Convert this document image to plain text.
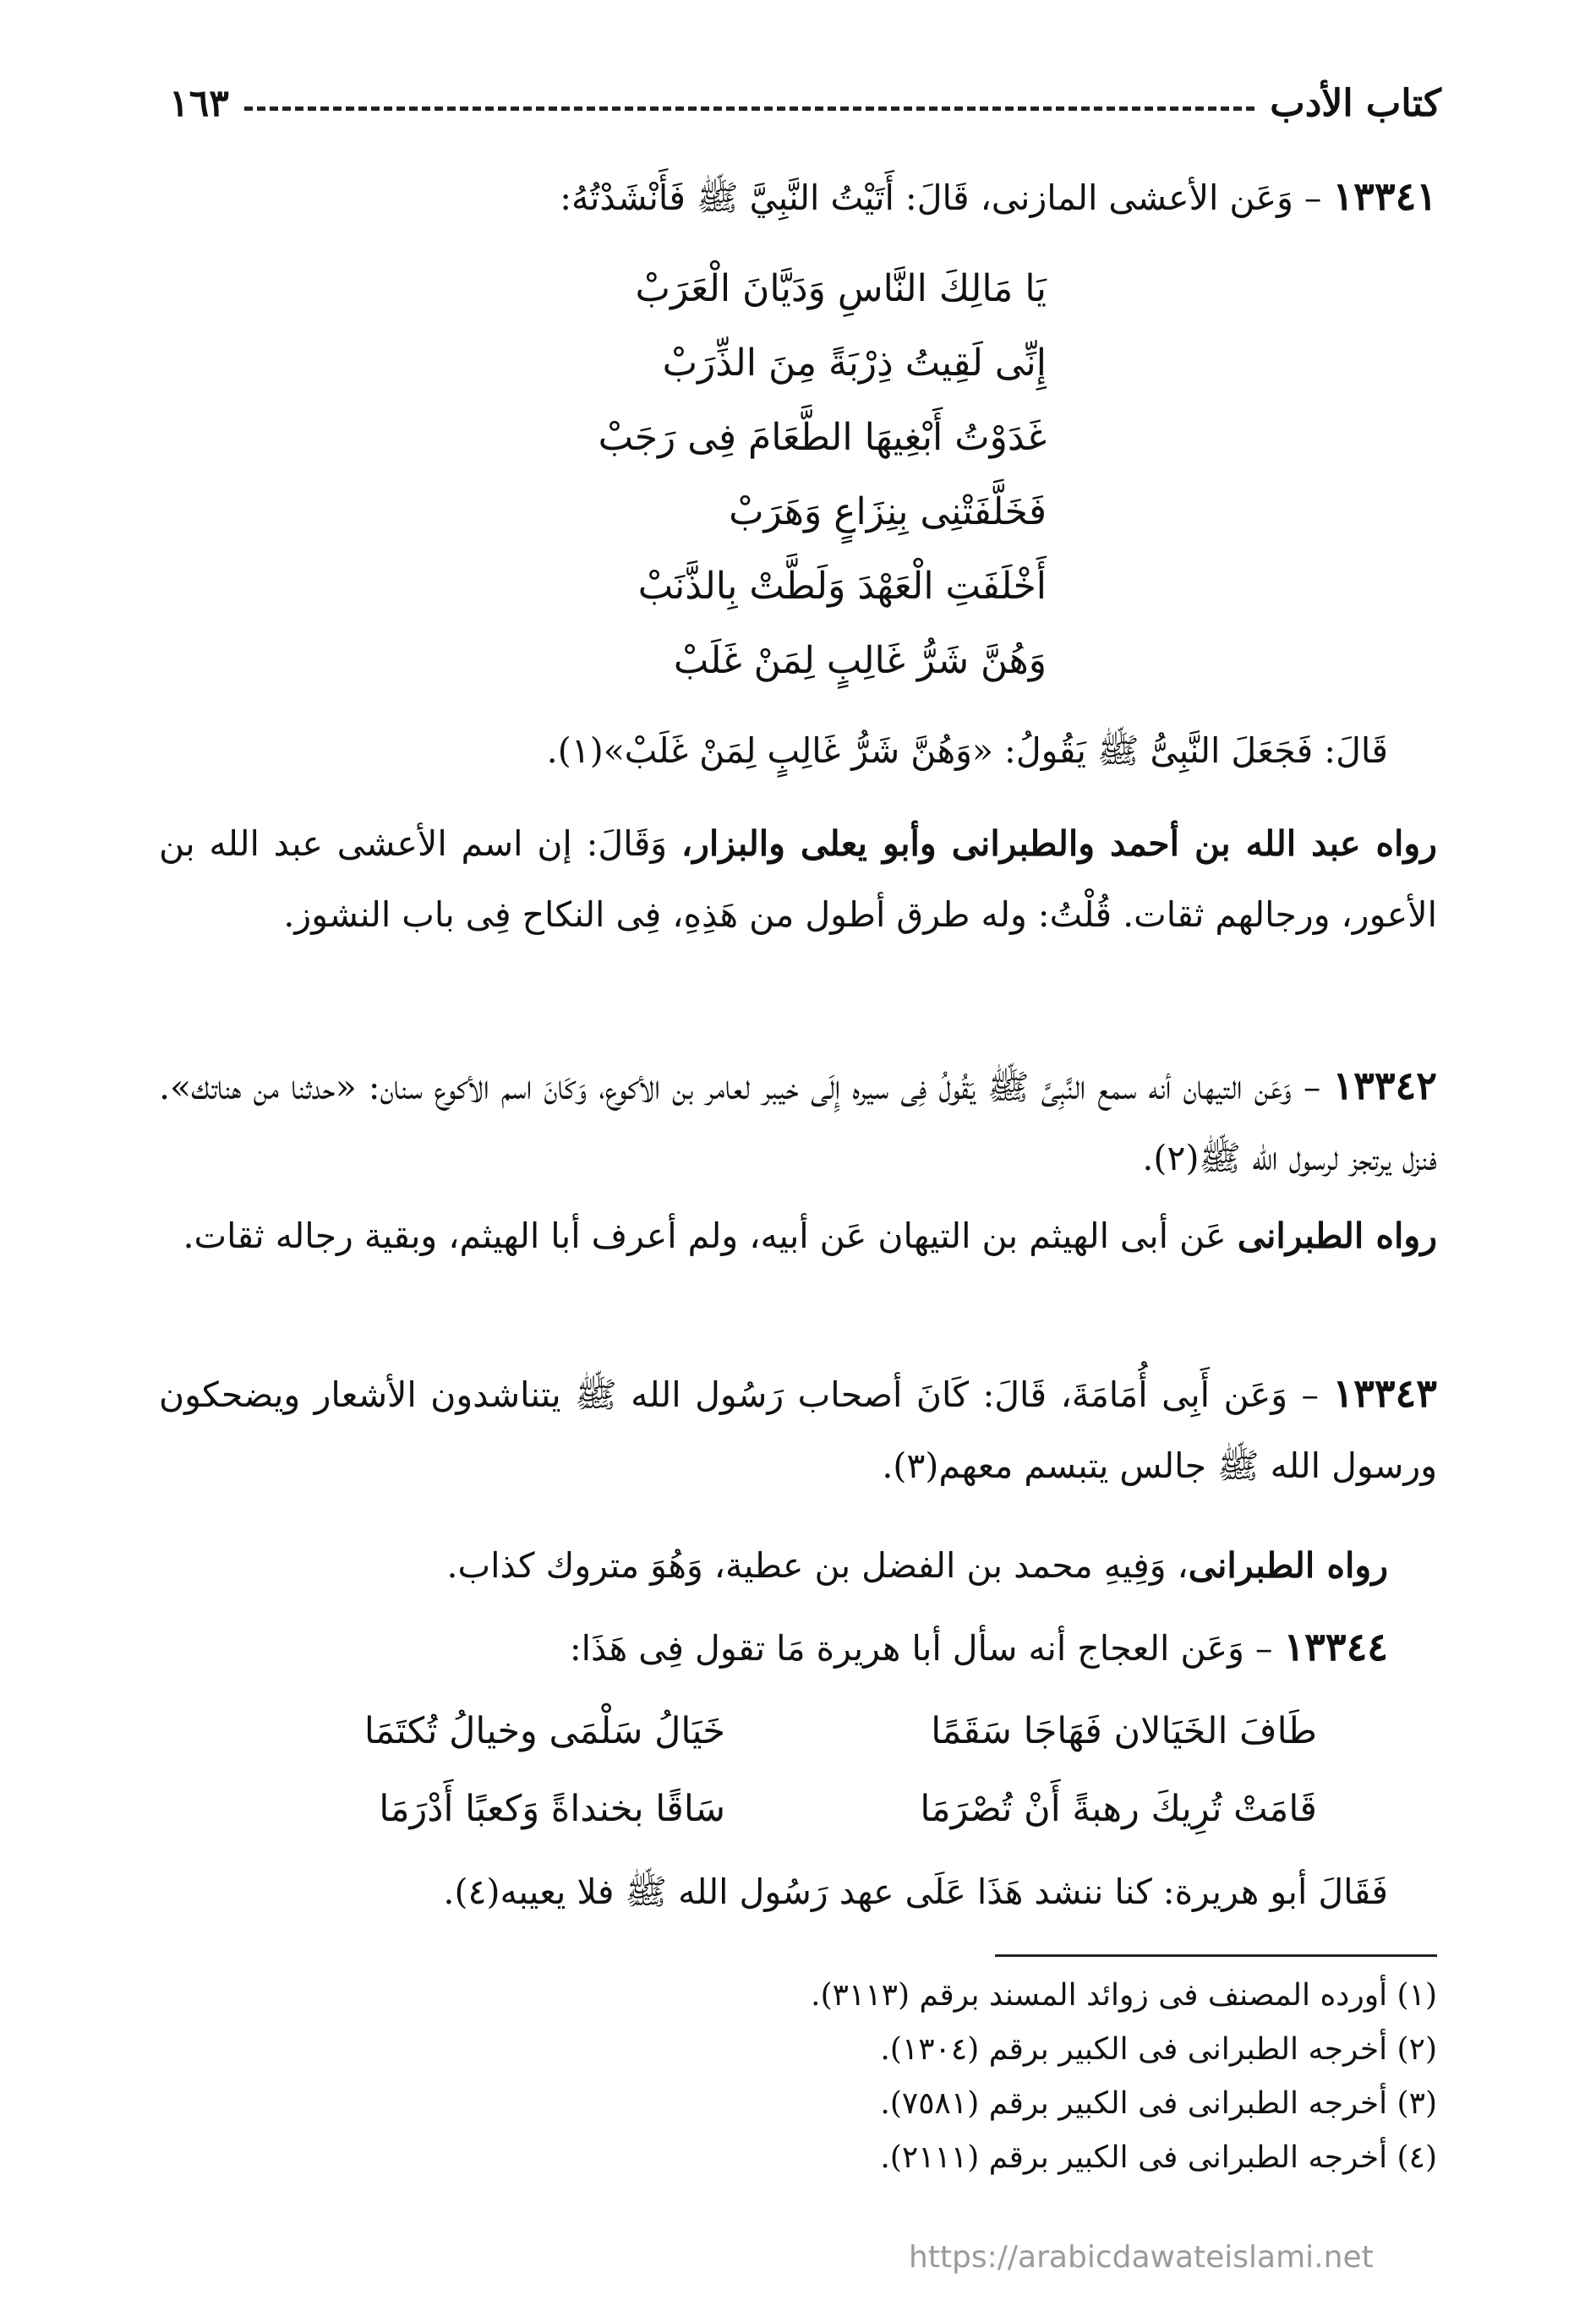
كتاب الأدب
١٦٣
١٣٣٤١ – وَعَن الأعشى المازنى، قَالَ: أَتَيْتُ النَّبِيَّ ﷺ فَأَنْشَدْتُهُ:
يَا مَالِكَ النَّاسِ وَدَيَّانَ الْعَرَبْ
إِنِّى لَقِيتُ ذِرْبَةً مِنَ الذِّرَبْ
غَدَوْتُ أَبْغِيهَا الطَّعَامَ فِى رَجَبْ
فَخَلَّفَتْنِى بِنِزَاعٍ وَهَرَبْ
أَخْلَفَتِ الْعَهْدَ وَلَطَّتْ بِالذَّنَبْ
وَهُنَّ شَرُّ غَالِبٍ لِمَنْ غَلَبْ
قَالَ: فَجَعَلَ النَّبِىُّ ﷺ يَقُولُ: «وَهُنَّ شَرُّ غَالِبٍ لِمَنْ غَلَبْ»(١).
رواه عبد الله بن أحمد والطبرانى وأبو يعلى والبزار، وَقَالَ: إن اسم الأعشى عبد الله بن الأعور، ورجالهم ثقات. قُلْتُ: وله طرق أطول من هَذِهِ، فِى النكاح فِى باب النشوز.
١٣٣٤٢ – وَعَن التيهان أنه سمع النَّبِىَّ ﷺ يَقُولُ فِى سيره إِلَى خيبر لعامر بن الأكوع، وَكَانَ اسم الأكوع سنان: «حدثنا من هناتك». فنزل يرتجز لرسول الله ﷺ(٢).
رواه الطبرانى عَن أبى الهيثم بن التيهان عَن أبيه، ولم أعرف أبا الهيثم، وبقية رجاله ثقات.
١٣٣٤٣ – وَعَن أَبِى أُمَامَةَ، قَالَ: كَانَ أصحاب رَسُول الله ﷺ يتناشدون الأشعار ويضحكون ورسول الله ﷺ جالس يتبسم معهم(٣).
رواه الطبرانى، وَفِيهِ محمد بن الفضل بن عطية، وَهُوَ متروك كذاب.
١٣٣٤٤ – وَعَن العجاج أنه سأل أبا هريرة مَا تقول فِى هَذَا:
طَافَ الخَيَالان فَهَاجَا سَقَمًا
خَيَالُ سَلْمَى وخيالُ تُكتَمَا
قَامَتْ تُرِيكَ رهبةً أَنْ تُصْرَمَا
سَاقًا بخنداةً وَكعبًا أَدْرَمَا
فَقَالَ أبو هريرة: كنا ننشد هَذَا عَلَى عهد رَسُول الله ﷺ فلا يعيبه(٤).
(١) أورده المصنف فى زوائد المسند برقم (٣١١٣).
(٢) أخرجه الطبرانى فى الكبير برقم (١٣٠٤).
(٣) أخرجه الطبرانى فى الكبير برقم (٧٥٨١).
(٤) أخرجه الطبرانى فى الكبير برقم (٢١١١).
https://arabicdawateislami.net
